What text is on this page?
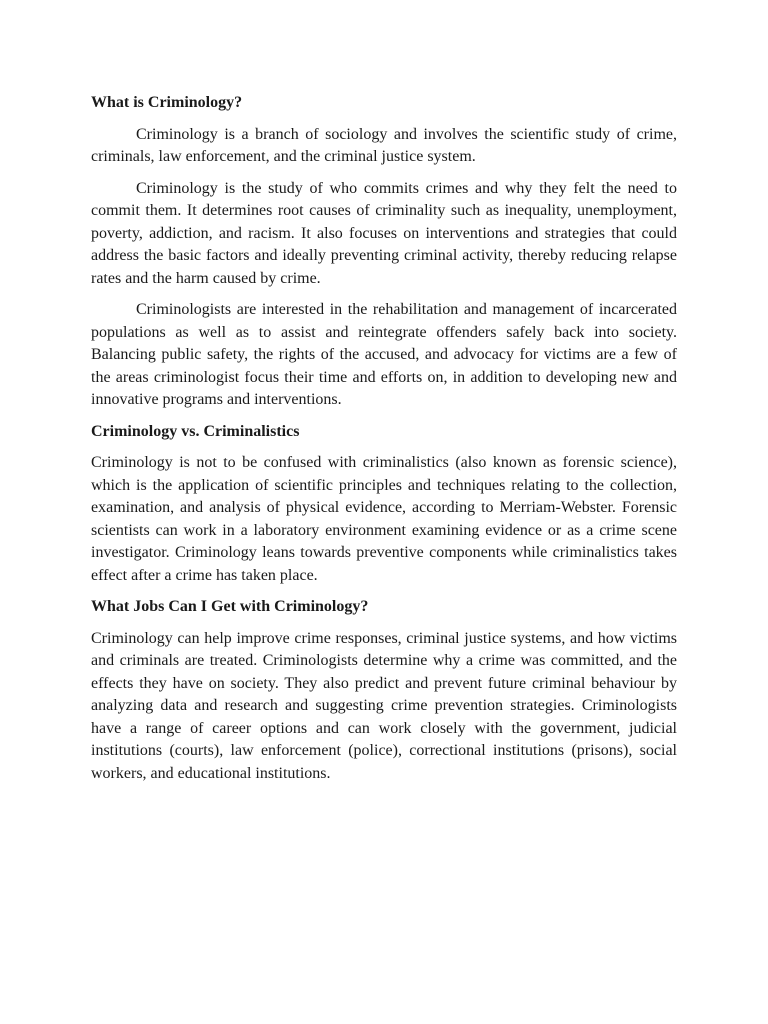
What is Criminology?

Criminology is a branch of sociology and involves the scientific study of crime, criminals, law enforcement, and the criminal justice system.

Criminology is the study of who commits crimes and why they felt the need to commit them. It determines root causes of criminality such as inequality, unemployment, poverty, addiction, and racism. It also focuses on interventions and strategies that could address the basic factors and ideally preventing criminal activity, thereby reducing relapse rates and the harm caused by crime.

Criminologists are interested in the rehabilitation and management of incarcerated populations as well as to assist and reintegrate offenders safely back into society. Balancing public safety, the rights of the accused, and advocacy for victims are a few of the areas criminologist focus their time and efforts on, in addition to developing new and innovative programs and interventions.

Criminology vs. Criminalistics

Criminology is not to be confused with criminalistics (also known as forensic science), which is the application of scientific principles and techniques relating to the collection, examination, and analysis of physical evidence, according to Merriam-Webster. Forensic scientists can work in a laboratory environment examining evidence or as a crime scene investigator. Criminology leans towards preventive components while criminalistics takes effect after a crime has taken place.

What Jobs Can I Get with Criminology?

Criminology can help improve crime responses, criminal justice systems, and how victims and criminals are treated. Criminologists determine why a crime was committed, and the effects they have on society. They also predict and prevent future criminal behaviour by analyzing data and research and suggesting crime prevention strategies. Criminologists have a range of career options and can work closely with the government, judicial institutions (courts), law enforcement (police), correctional institutions (prisons), social workers, and educational institutions.
